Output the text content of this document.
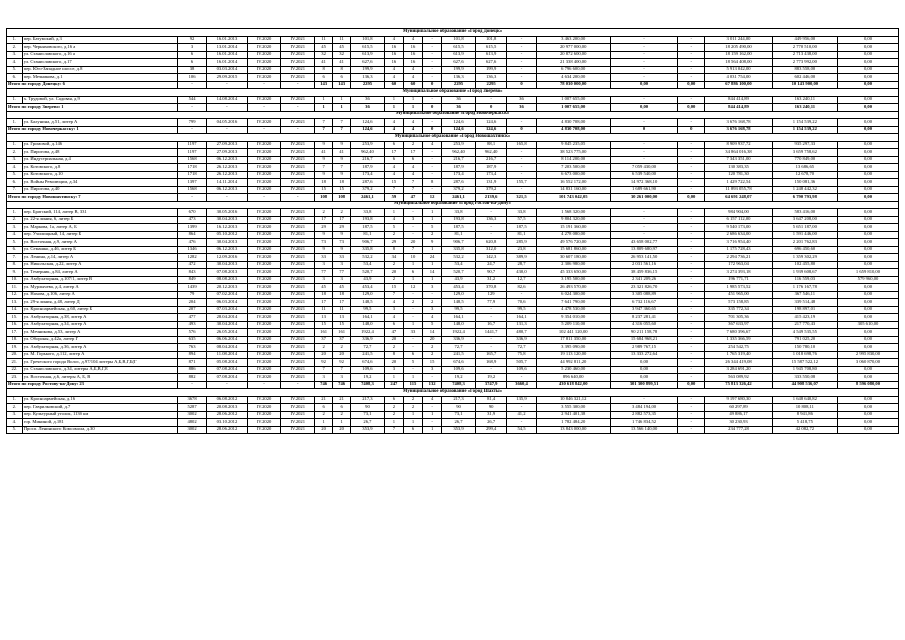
Муниципальное образование «Город Донецк»																				
1.	пер. Батумский, д.3	92	16.01.2013	IV.2020	IV.2021	11	11	101,8	4	4	-	101,8	101,8	-	3 463 200,00	-	-	3 011 244,00	449 956,00	0,00
2.	пер. Черняховского, д.16 а	3	13.01.2014	IV.2020	IV.2021	45	45	615,5	16	16	-	615,5	615,5	-	20 977 000,00	-	-	18 205 490,00	2 770 510,00	0,00
3.	ул. Станиславского, д.16 а	6	16.01.2014	IV.2020	IV.2021	32	32	613,9	16	16	-	613,9	613,9	-	20 872 600,00	-	-	18 159 162,00	2 713 438,00	0,00
4.	ул. Станиславского, д.17	6	16.01.2014	IV.2020	IV.2021	41	41	627,6	16	16	-	627,6	627,6	-	21 338 400,00	-	-	18 564 408,00	2 773 992,00	0,00
5.	пер. Юго-Западное шоссе, д.8	38	03.03.2014	IV.2020	IV.2021	8	8	199,9	4	4	-	199,9	199,9	-	6 796 600,00	-	-	5 913 042,00	883 558,00	0,00
6.	пер. Мечникова, д.1	106	29.09.2015	IV.2020	IV.2021	6	6	136,3	4	4	-	136,3	136,3	-	4 634 200,00	-	-	4 031 754,00	602 446,00	0,00
Итого по городу Донецку: 6		-	-	-	-	143	143	2295	60	60	0	2295	2295	0	78 030 000,00	0,00	0,00	67 886 100,00	10 143 900,00	0,00
Муниципальное образование «Город Зверево»																				
1.	х. Трудовой, ул. Садовая, д.9	544	14.08.2014	IV.2020	IV.2021	1	1	36	1	1	-	36	-	36	1 007 655,00	-	-	844 414,89	163 240,11	0,00
Итого по городу Зверево: 1		-	-	-	-	1	1	36	1	1	0	36	0	36	1 007 655,00	0,00	0,00	844 414,89	163 240,11	0,00
Муниципальное образование «Город Новочеркасск»																				
1.	ул. Балунина, д.51, литер А	799	04.05.2016	IV.2020	IV.2021	7	7	124,6	4	4	-	124,6	124,6	-	4 830 708,00	-	-	3 676 168,78	1 154 539,22	0,00
Итого по городу Новочеркасску: 1		-	-	-	-	7	7	124,6	4	4	0	124,6	124,6	0	4 830 708,00	0	0	3 676 168,78	1 154 539,22	0,00
Муниципальное образование «Город Новошахтинск»																				
1.	ул. Громовой, д.146	1197	27.09.2013	IV.2020	IV.2021	9	9	253,9	6	2	4	253,9	88,1	165,8	9 845 235,05	-	-	8 909 937,72	935 297,33	0,00
2.	ул. Пирогова, д.48	1197	27.09.2013	IV.2020	IV.2021	41	41	962,40	17	17	-	962,40	962,40	-	38 523 775,00	-	-	34 864 016,38	3 659 758,62	0,00
3.	ул. Индустриальная, д.4	1568	06.12.2013	IV.2020	IV.2021	9	9	216,7	6	6	-	216,7	216,7	-	8 114 200,00	-	-	7 343 351,00	770 849,00	0,00
4.	ул. Котовского, д.8	1718	26.12.2013	IV.2020	IV.2021	7	7	187,9	4	4	-	187,9	187,9	-	7 203 500,00	7 059 430,00	-	130 383,35	13 686,65	0,00
5.	ул. Котовского, д.10	1718	26.12.2013	IV.2020	IV.2021	9	9	173,4	4	4	-	173,4	173,4	-	6 673 000,00	6 539 540,00	-	120 781,30	12 678,70	0,00
6.	ул. Войны Революции, д.34	1397	14.11.2014	IV.2020	IV.2021	18	18	287,6	15	7	8	287,6	131,9	155,7	16 552 172,00	14 972 368,10	-	1 429 722,54	150 081,36	0,00
7.	ул. Пирогова, д.40	1568	06.12.2013	IV.2020	IV.2021	15	15	379,2	7	7	-	379,2	379,2	-	14 831 160,00	1 689 661,90	-	11 893 055,78	1 248 442,32	0,00
Итого по городу Новошахтинску: 7		-	-	-	-	108	108	2461,1	59	47	12	2461,1	2139,6	321,5	101 743 042,05	30 261 000,00	0,00	64 691 248,07	6 790 793,98	0,00
Муниципальное образование «Город Ростов-на-Дону»																				
1.	пер. Братский, 114, литер В, 331	670	30.05.2016	IV.2020	IV.2021	2	2	33,8	1	-	1	33,8	-	33,8	1 568 320,00	-	-	984 904,00	583 416,00	0,00
2.	ул. 22-я линия, 6, литер Б	473	30.04.2013	IV.2020	IV.2021	17	17	193,8	4	3	1	193,8	136,3	57,5	9 804 320,00	-	-	6 157 112,00	3 647 208,00	0,00
3.	ул. Маркова, 1а, литер А, Б	1399	16.12.2013	IV.2020	IV.2021	29	29	187,5	5	-	5	187,5	-	187,5	15 191 360,00	-	-	9 540 173,00	5 651 187,00	0,00
4.	пер. Училищный, 14, литер Б	864	05.10.2012	IV.2020	IV.2021	9	9	81,1	2	-	2	81,1	-	81,1	4 278 080,00	-	-	2 686 634,00	1 591 446,00	0,00
5.	ул. Восточная, д.9, литер А	476	30.04.2013	IV.2020	IV.2021	73	73	906,7	29	20	9	906,7	620,8	285,9	49 576 720,00	43 658 002,77	-	3 716 954,40	2 201 762,83	0,00
6.	ул. Семашко, д.46, литер Б	1346	06.12.2013	IV.2020	IV.2021	9	9	335,8	8	7	1	335,8	312,0	23,8	15 681 860,00	13 809 680,97	-	1 175 728,43	696 450,60	0,00
7.	ул. Ленина, д.14, литер А	1282	12.09.2016	IV.2020	IV.2021	33	33	532,2	34	10	24	532,2	142,3	389,9	30 607 180,00	26 953 141,50	-	2 294 736,21	1 359 302,29	0,00
8.	ул. Никольская, д.22, литер А	472	30.04.2013	IV.2020	IV.2021	3	3	53,4	2	1	1	53,4	24,7	28,7	2 306 980,00	2 031 561,16	-	172 963,04	102 455,80	0,00
9.	ул. Темерник, д.84, литер А	843	07.08.2013	IV.2020	IV.2021	77	77	520,7	20	6	14	520,7	90,7	430,0	45 333 650,00	38 459 836,15	-	3 274 393,18	1 939 608,67	1 659 810,00
10.	ул. Амбулаторная, д.107/1, литер В	849	08.08.2013	IV.2020	IV.2021	3	3	43,9	2	1	1	43,9	31,2	12,7	3 195 500,00	2 341 209,26	-	196 771,71	116 559,03	579 960,00
11.	ул. Мурлычева, д.4, литер А	1439	20.12.2013	IV.2020	IV.2021	45	45	453,4	15	12	3	453,4	370,8	82,6	26 493 570,00	23 321 826,70	-	1 985 573,52	1 176 167,78	0,00
12.	ул. Нахова, д.106, литер А	79	07.02.2014	IV.2020	IV.2021	18	18	129,0	7	-	-	129,0	129	-	6 024 300,00	3 305 088,89	-	451 965,00	367 546,11	0,00
13.	ул. 29-я линия, д.48, литер Д	204	06.03.2014	IV.2020	IV.2021	17	17	148,5	4	2	2	148,5	77,9	70,6	7 641 790,00	6 732 116,67	-	573 158,85	339 514,48	0,00
14.	ул. Красноармейская, д.60, литер Б	207	07.03.2014	IV.2020	IV.2021	11	11	99,5	3	-	3	99,5	-	99,5	4 478 530,00	3 947 360,65	-	335 772,34	198 897,01	0,00
15.	ул. Амбулаторная, д.38, литер А	477	28.04.2014	IV.2020	IV.2021	13	13	164,1	4	-	4	164,1	-	164,1	9 354 010,00	8 237 281,41	-	701 305,36	415 423,19	0,00
16.	ул. Амбулаторная, д.34, литер А	493	30.04.2014	IV.2020	IV.2021	15	15	148,0	6	1	5	148,0	16,7	131,3	5 209 110,00	4 316 055,60	-	367 633,97	217 770,43	305 610,00
17.	ул. Мечникова, д.53, литер А	576	26.05.2014	IV.2020	IV.2021	161	161	1922,4	47	33	14	1922,4	1441,7	480,7	102 441 120,00	90 211 158,78	-	7 680 396,67	4 549 535,55	0,00
18.	ул. Обороны, д.42а, литер Г	635	06.06.2014	IV.2020	IV.2021	37	37	336,9	20	-	20	336,9	-	336,9	17 811 350,00	15 684 968,21	-	1 335 366,59	791 025,20	0,00
19.	ул. Амбулаторная, д.36, литер А	763	08.04.2014	IV.2020	IV.2021	2	2	72,7	2	-	2	72,7	-	72,7	3 395 090,00	2 989 767,15	-	254 542,75	150 780,10	0,00
20.	ул. М. Горького, д.112, литер А	894	11.08.2014	IV.2020	IV.2021	20	20	241,5	8	6	2	241,5	165,7	75,8	19 113 120,00	13 333 272,64	-	1 765 319,40	1 018 698,76	2 995 830,00
21.	ул. Греческого города Волос, д.97/104 литеры А,Б,В,Г,Б(Г	871	05.08.2014	IV.2020	IV.2021	92	92	674,6	20	5	15	674,6	168,9	505,7	44 992 811,20	0,00	-	26 344 419,08	15 587 522,12	3 060 870,00
22.	ул. Станиславского, д.34, литеры А,Б,В,Г,Е	886	07.08.2014	IV.2020	IV.2021	7	7	109,6	3	-	3	109,6	-	109,6	5 230 460,00	0,00	-	3 284 691,20	1 945 708,80	0,00
23.	ул. Восточная, д.6, литеры А, Б, В	882	07.08.2014	IV.2020	IV.2021	3	3	19,2	1	1	-	19,2	19,2	-	896 640,00	0,00	-	563 089,92	333 550,08	0,00
Итого по городу Ростову-на-Дону: 23		-	-	-	-	746	746	7408,3	247	115	132	7408,3	3747,9	3660,4	430 618 842,00	301 300 899,51	0,00	75 813 326,42	44 908 536,07	8 596 080,00
Муниципальное образование «Город Шахты»																				
1.	ул. Красноармейская, д.16	3678	06.08.2012	IV.2020	IV.2021	21	21	217,3	6	2	4	217,3	81,4	135,9	10 846 321,12	-	-	9 197 680,30	1 648 640,82	0,00
2.	пер. Гаврилковский, д.7	5287	20.08.2013	IV.2020	IV.2021	6	6	90	2	2	-	90	90	-	3 555 300,00	3 484 194,00	-	60 297,89	10 808,11	0,00
3.	пер. Культурный уголок, 113б км	3002	28.06.2012	IV.2020	IV.2021	2	2	73,1	2	1	1	73,1	31,9	41,2	2 941 401,38	2 882 573,35	-	49 886,17	8 941,86	0,00
4.	гор. Мининой, д.181	4802	03.10.2012	IV.2020	IV.2021	1	1	26,7	1	1	-	26,7	26,7	-	1 782 484,20	1 746 834,52	-	30 230,93	5 418,75	0,00
5.	Просп. Ленинского Комсомола, д.30	3002	28.06.2012	IV.2020	IV.2021	20	20	353,9	7	6	1	353,9	299,4	54,5	13 843 000,00	13 566 140,00	-	234 777,28	42 082,72	0,00
